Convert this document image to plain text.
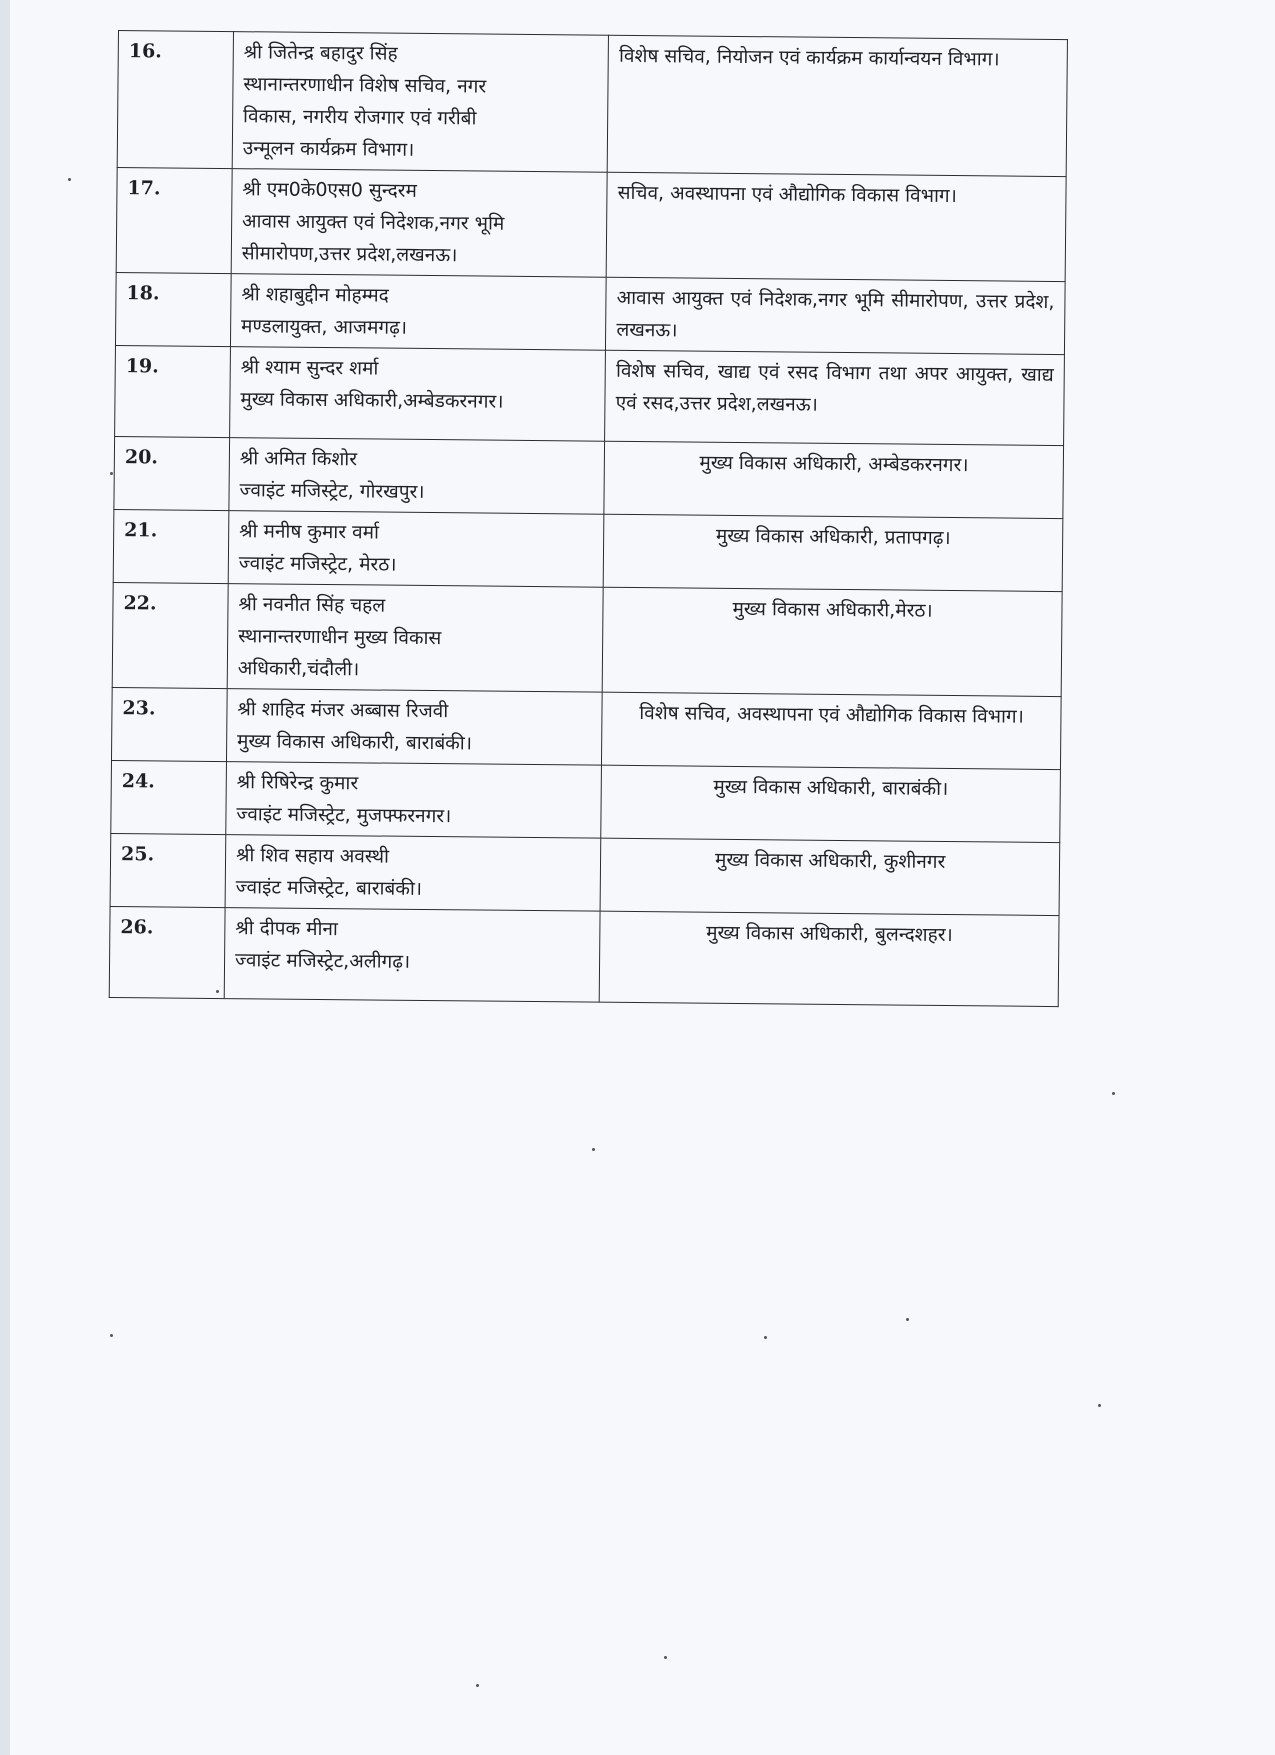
16.	श्री जितेन्द्र बहादुर सिंह
स्थानान्तरणाधीन विशेष सचिव, नगर
विकास, नगरीय रोजगार एवं गरीबी
उन्मूलन कार्यक्रम विभाग।	विशेष सचिव, नियोजन एवं कार्यक्रम कार्यान्वयन विभाग।
17.	श्री एम0के0एस0 सुन्दरम
आवास आयुक्त एवं निदेशक,नगर भूमि
सीमारोपण,उत्तर प्रदेश,लखनऊ।	सचिव, अवस्थापना एवं औद्योगिक विकास विभाग।
18.	श्री शहाबुद्दीन मोहम्मद
मण्डलायुक्त, आजमगढ़।	आवास आयुक्त एवं निदेशक,नगर भूमि सीमारोपण, उत्तर प्रदेश, लखनऊ।
19.	श्री श्याम सुन्दर शर्मा
मुख्य विकास अधिकारी,अम्बेडकरनगर।	विशेष सचिव, खाद्य एवं रसद विभाग तथा अपर आयुक्त, खाद्य एवं रसद,उत्तर प्रदेश,लखनऊ।
20.	श्री अमित किशोर
ज्वाइंट मजिस्ट्रेट, गोरखपुर।	मुख्य विकास अधिकारी, अम्बेडकरनगर।
21.	श्री मनीष कुमार वर्मा
ज्वाइंट मजिस्ट्रेट, मेरठ।	मुख्य विकास अधिकारी, प्रतापगढ़।
22.	श्री नवनीत सिंह चहल
स्थानान्तरणाधीन मुख्य विकास
अधिकारी,चंदौली।	मुख्य विकास अधिकारी,मेरठ।
23.	श्री शाहिद मंजर अब्बास रिजवी
मुख्य विकास अधिकारी, बाराबंकी।	विशेष सचिव, अवस्थापना एवं औद्योगिक विकास विभाग।
24.	श्री रिषिरेन्द्र कुमार
ज्वाइंट मजिस्ट्रेट, मुजफ्फरनगर।	मुख्य विकास अधिकारी, बाराबंकी।
25.	श्री शिव सहाय अवस्थी
ज्वाइंट मजिस्ट्रेट, बाराबंकी।	मुख्य विकास अधिकारी, कुशीनगर
26.	श्री दीपक मीना
ज्वाइंट मजिस्ट्रेट,अलीगढ़।	मुख्य विकास अधिकारी, बुलन्दशहर।
